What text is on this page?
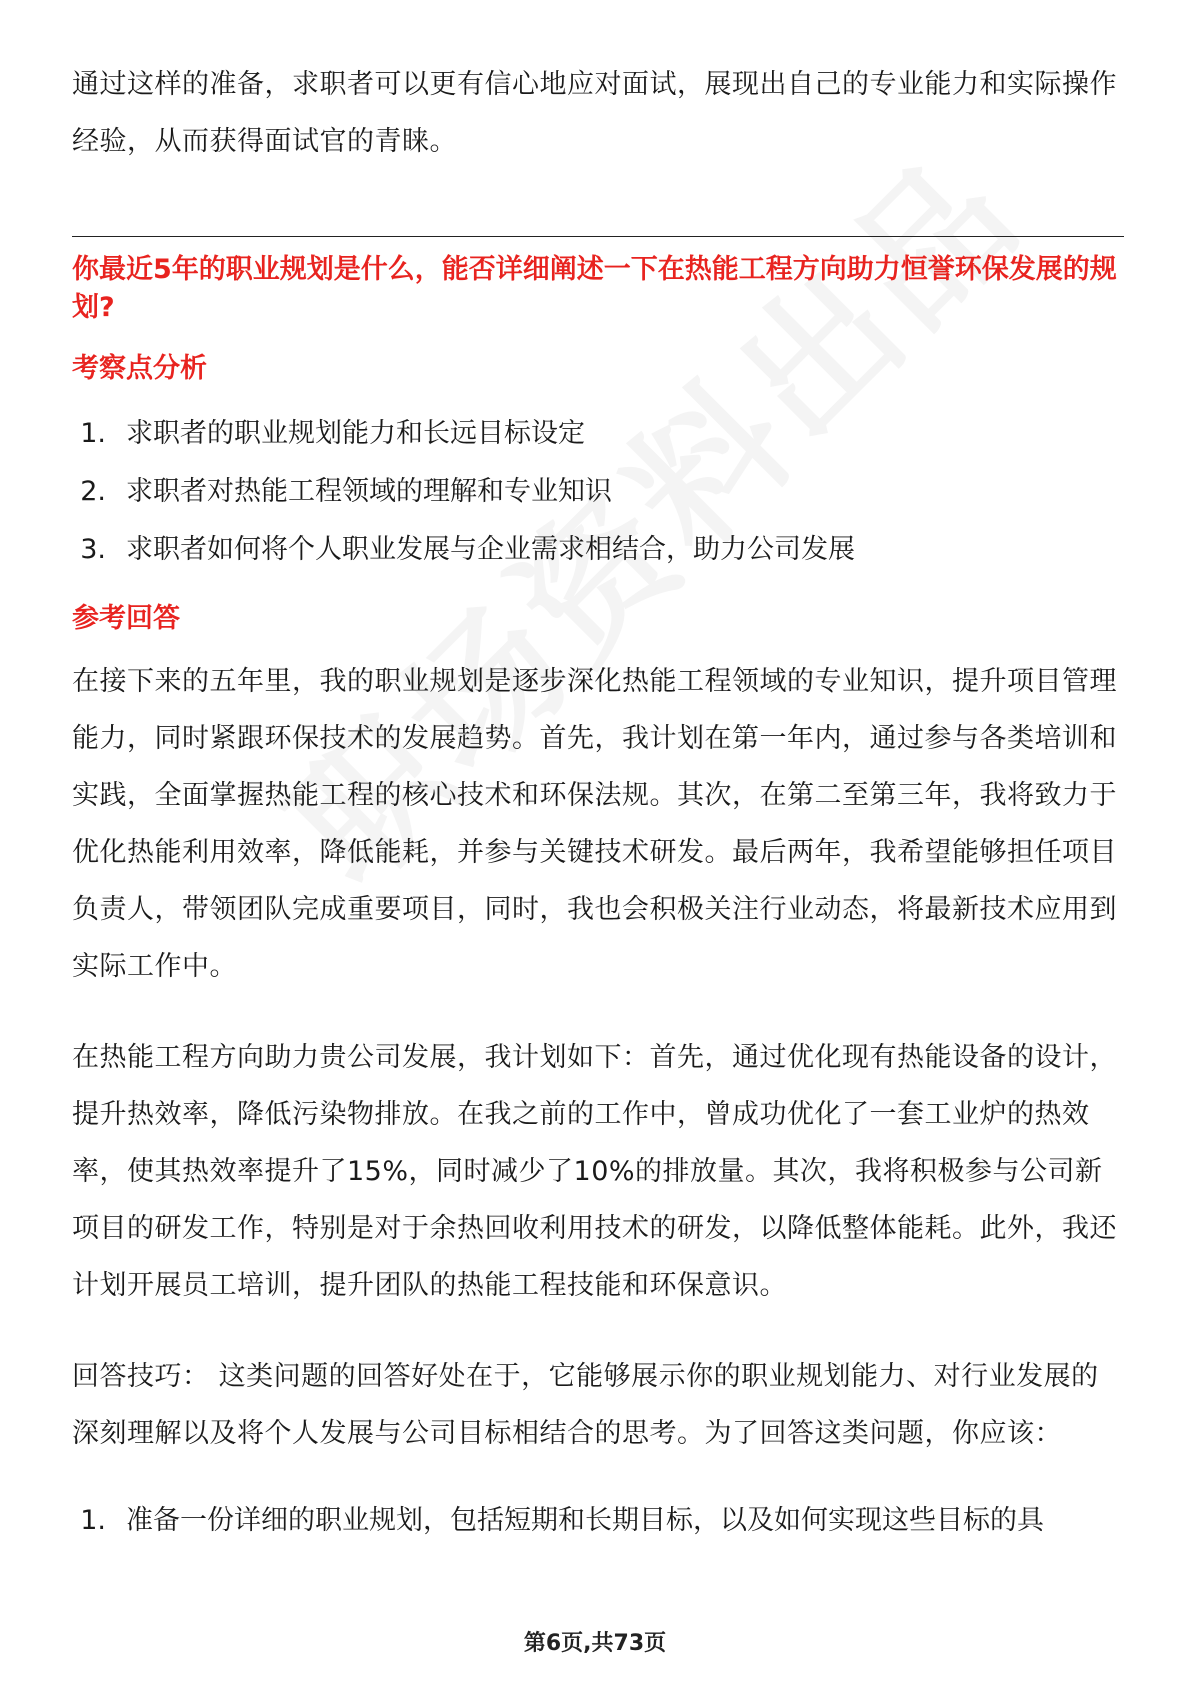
通过这样的准备，求职者可以更有信心地应对面试，展现出自己的专业能力和实际操作经验，从而获得面试官的青睐。

你最近5年的职业规划是什么，能否详细阐述一下在热能工程方向助力恒誉环保发展的规划?

考察点分析

1. 求职者的职业规划能力和长远目标设定
2. 求职者对热能工程领域的理解和专业知识
3. 求职者如何将个人职业发展与企业需求相结合，助力公司发展

参考回答

在接下来的五年里，我的职业规划是逐步深化热能工程领域的专业知识，提升项目管理能力，同时紧跟环保技术的发展趋势。首先，我计划在第一年内，通过参与各类培训和实践，全面掌握热能工程的核心技术和环保法规。其次，在第二至第三年，我将致力于优化热能利用效率，降低能耗，并参与关键技术研发。最后两年，我希望能够担任项目负责人，带领团队完成重要项目，同时，我也会积极关注行业动态，将最新技术应用到实际工作中。

在热能工程方向助力贵公司发展，我计划如下：首先，通过优化现有热能设备的设计，提升热效率，降低污染物排放。在我之前的工作中，曾成功优化了一套工业炉的热效率，使其热效率提升了15%，同时减少了10%的排放量。其次，我将积极参与公司新项目的研发工作，特别是对于余热回收利用技术的研发，以降低整体能耗。此外，我还计划开展员工培训，提升团队的热能工程技能和环保意识。

回答技巧： 这类问题的回答好处在于，它能够展示你的职业规划能力、对行业发展的深刻理解以及将个人发展与公司目标相结合的思考。为了回答这类问题，你应该：

1. 准备一份详细的职业规划，包括短期和长期目标，以及如何实现这些目标的具

第6页,共73页
